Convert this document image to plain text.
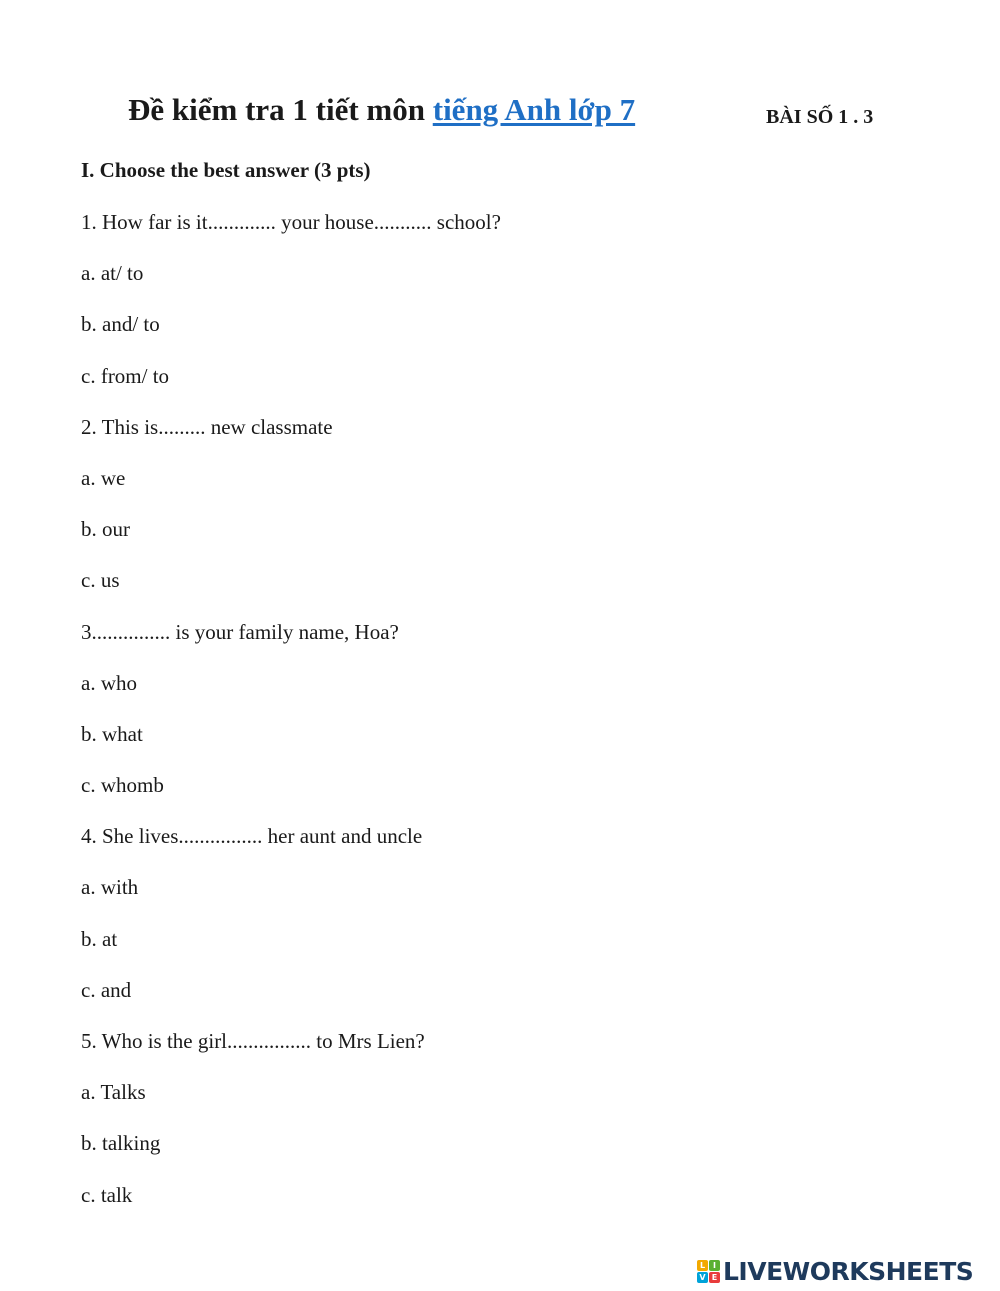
Đề kiểm tra 1 tiết môn tiếng Anh lớp 7	BÀI SỐ 1 . 3
I. Choose the best answer (3 pts)
1. How far is it............. your house........... school?
a. at/ to
b. and/ to
c. from/ to
2. This is......... new classmate
a. we
b. our
c. us
3............... is your family name, Hoa?
a. who
b. what
c. whomb
4. She lives................ her aunt and uncle
a. with
b. at
c. and
5. Who is the girl................ to Mrs Lien?
a. Talks
b. talking
c. talk
L I
V E LIVEWORKSHEETS
